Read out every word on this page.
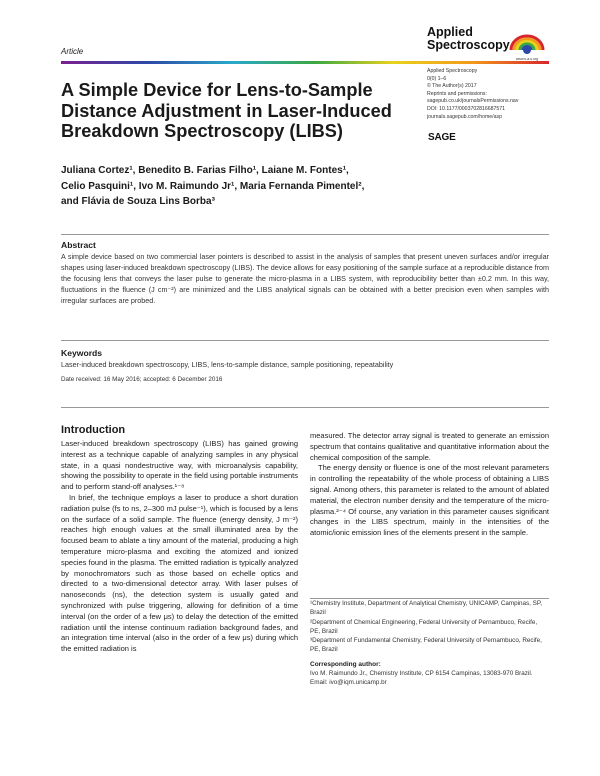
Applied
Spectroscopy
www.s-a-s.org
Article
Applied Spectroscopy
0(0) 1–6
© The Author(s) 2017
Reprints and permissions:
sagepub.co.uk/journalsPermissions.nav
DOI: 10.1177/0003702816687571
journals.sagepub.com/home/asp
SAGE
A Simple Device for Lens-to-Sample Distance Adjustment in Laser-Induced Breakdown Spectroscopy (LIBS)
Juliana Cortez¹, Benedito B. Farias Filho¹, Laiane M. Fontes¹,
Celio Pasquini¹, Ivo M. Raimundo Jr¹, Maria Fernanda Pimentel²,
and Flávia de Souza Lins Borba³
Abstract
A simple device based on two commercial laser pointers is described to assist in the analysis of samples that present uneven surfaces and/or irregular shapes using laser-induced breakdown spectroscopy (LIBS). The device allows for easy positioning of the sample surface at a reproducible distance from the focusing lens that conveys the laser pulse to generate the micro-plasma in a LIBS system, with reproducibility better than ±0.2 mm. In this way, fluctuations in the fluence (J cm⁻²) are minimized and the LIBS analytical signals can be obtained with a better precision even when samples with irregular surfaces are probed.
Keywords
Laser-induced breakdown spectroscopy, LIBS, lens-to-sample distance, sample positioning, repeatability
Date received: 16 May 2016; accepted: 6 December 2016
Introduction

Laser-induced breakdown spectroscopy (LIBS) has gained growing interest as a technique capable of analyzing samples in any physical state, in a quasi nondestructive way, with microanalysis capability, showing the possibility to operate in the field using portable instruments and to perform stand-off analyses.¹⁻⁸

In brief, the technique employs a laser to produce a short duration radiation pulse (fs to ns, 2–300 mJ pulse⁻¹), which is focused by a lens on the surface of a solid sample. The fluence (energy density, J m⁻²) reaches high enough values at the small illuminated area by the focused beam to ablate a tiny amount of the material, producing a high temperature micro-plasma and exciting the atomized and ionized species found in the plasma. The emitted radiation is typically analyzed by monochromators such as those based on echelle optics and directed to a two-dimensional detector array. With laser pulses of nanoseconds (ns), the detection system is usually gated and synchronized with pulse triggering, allowing for definition of a time interval (on the order of a few μs) to delay the detection of the emitted radiation until the intense continuum radiation background fades, and an integration time interval (also in the order of a few μs) during which the emitted radiation is

measured. The detector array signal is treated to generate an emission spectrum that contains qualitative and quantitative information about the chemical composition of the sample.

The energy density or fluence is one of the most relevant parameters in controlling the repeatability of the whole process of obtaining a LIBS signal. Among others, this parameter is related to the amount of ablated material, the electron number density and the temperature of the micro-plasma.²⁻⁴ Of course, any variation in this parameter causes significant changes in the LIBS spectrum, mainly in the intensities of the atomic/ionic emission lines of the elements present in the sample.

¹Chemistry Institute, Department of Analytical Chemistry, UNICAMP, Campinas, SP, Brazil

²Department of Chemical Engineering, Federal University of Pernambuco, Recife, PE, Brazil

³Department of Fundamental Chemistry, Federal University of Pernambuco, Recife, PE, Brazil

Corresponding author:

Ivo M. Raimundo Jr., Chemistry Institute, CP 6154 Campinas, 13083-970 Brazil.

Email: ivo@iqm.unicamp.br
